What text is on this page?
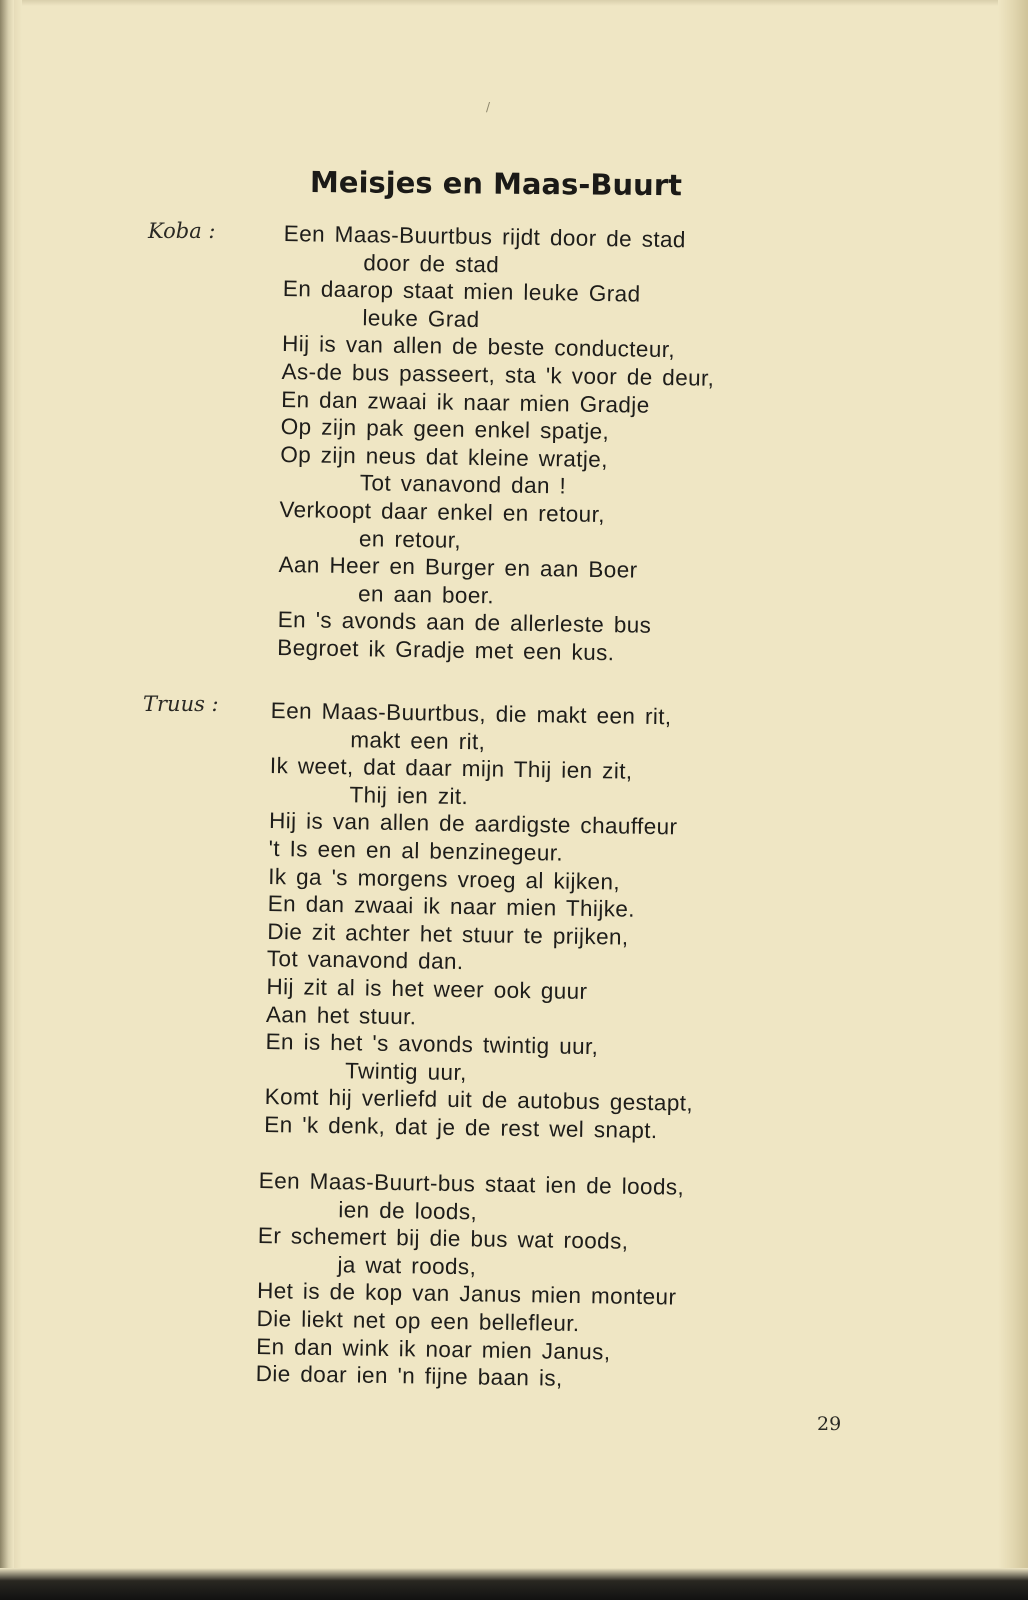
/
Meisjes en Maas-Buurt
Koba :
Truus :
Een Maas-Buurtbus rijdt door de stad
door de stad
En daarop staat mien leuke Grad
leuke Grad
Hij is van allen de beste conducteur,
As-de bus passeert, sta 'k voor de deur,
En dan zwaai ik naar mien Gradje
Op zijn pak geen enkel spatje,
Op zijn neus dat kleine wratje,
Tot vanavond dan !
Verkoopt daar enkel en retour,
en retour,
Aan Heer en Burger en aan Boer
en aan boer.
En 's avonds aan de allerleste bus
Begroet ik Gradje met een kus.
Een Maas-Buurtbus, die makt een rit,
makt een rit,
Ik weet, dat daar mijn Thij ien zit,
Thij ien zit.
Hij is van allen de aardigste chauffeur
't Is een en al benzinegeur.
Ik ga 's morgens vroeg al kijken,
En dan zwaai ik naar mien Thijke.
Die zit achter het stuur te prijken,
Tot vanavond dan.
Hij zit al is het weer ook guur
Aan het stuur.
En is het 's avonds twintig uur,
Twintig uur,
Komt hij verliefd uit de autobus gestapt,
En 'k denk, dat je de rest wel snapt.
Een Maas-Buurt-bus staat ien de loods,
ien de loods,
Er schemert bij die bus wat roods,
ja wat roods,
Het is de kop van Janus mien monteur
Die liekt net op een bellefleur.
En dan wink ik noar mien Janus,
Die doar ien 'n fijne baan is,
29
